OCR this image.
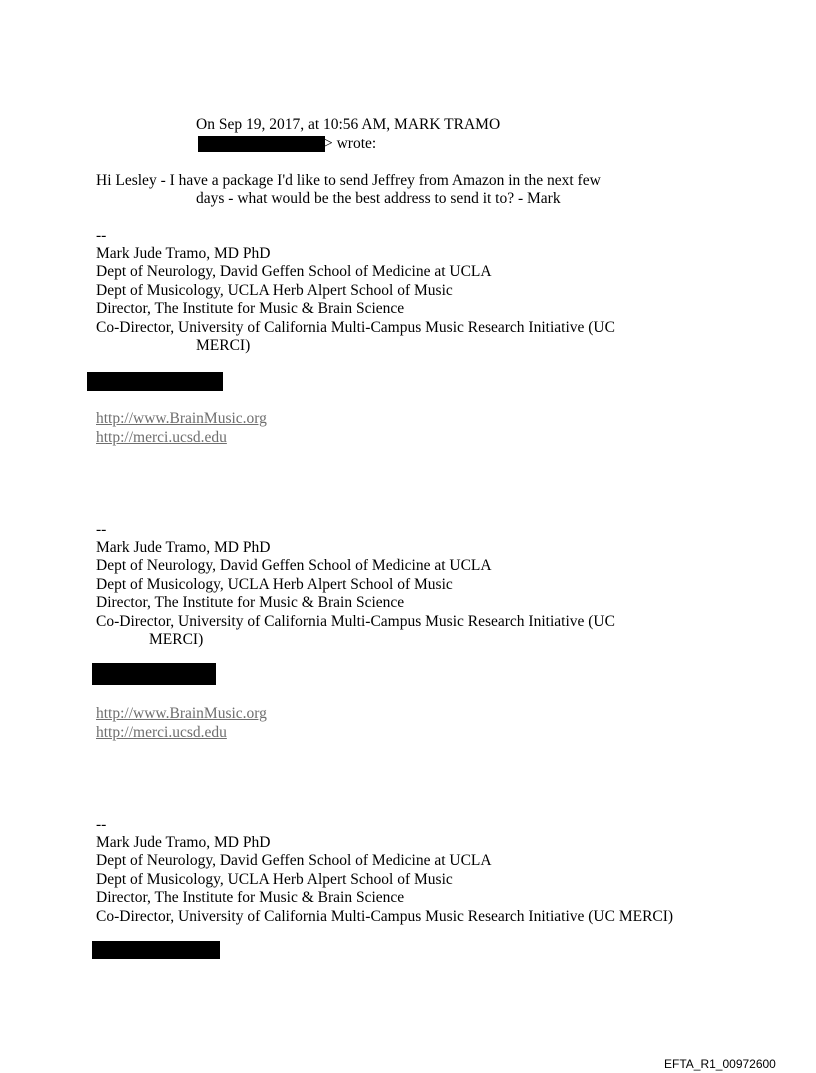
On Sep 19, 2017, at 10:56 AM, MARK TRAMO
> wrote:
Hi Lesley - I have a package I'd like to send Jeffrey from Amazon in the next few
days - what would be the best address to send it to? - Mark
--
Mark Jude Tramo, MD PhD
Dept of Neurology, David Geffen School of Medicine at UCLA
Dept of Musicology, UCLA Herb Alpert School of Music
Director, The Institute for Music & Brain Science
Co-Director, University of California Multi-Campus Music Research Initiative (UC
MERCI)
http://www.BrainMusic.org
http://merci.ucsd.edu
--
Mark Jude Tramo, MD PhD
Dept of Neurology, David Geffen School of Medicine at UCLA
Dept of Musicology, UCLA Herb Alpert School of Music
Director, The Institute for Music & Brain Science
Co-Director, University of California Multi-Campus Music Research Initiative (UC
MERCI)
http://www.BrainMusic.org
http://merci.ucsd.edu
--
Mark Jude Tramo, MD PhD
Dept of Neurology, David Geffen School of Medicine at UCLA
Dept of Musicology, UCLA Herb Alpert School of Music
Director, The Institute for Music & Brain Science
Co-Director, University of California Multi-Campus Music Research Initiative (UC MERCI)
EFTA_R1_00972600
